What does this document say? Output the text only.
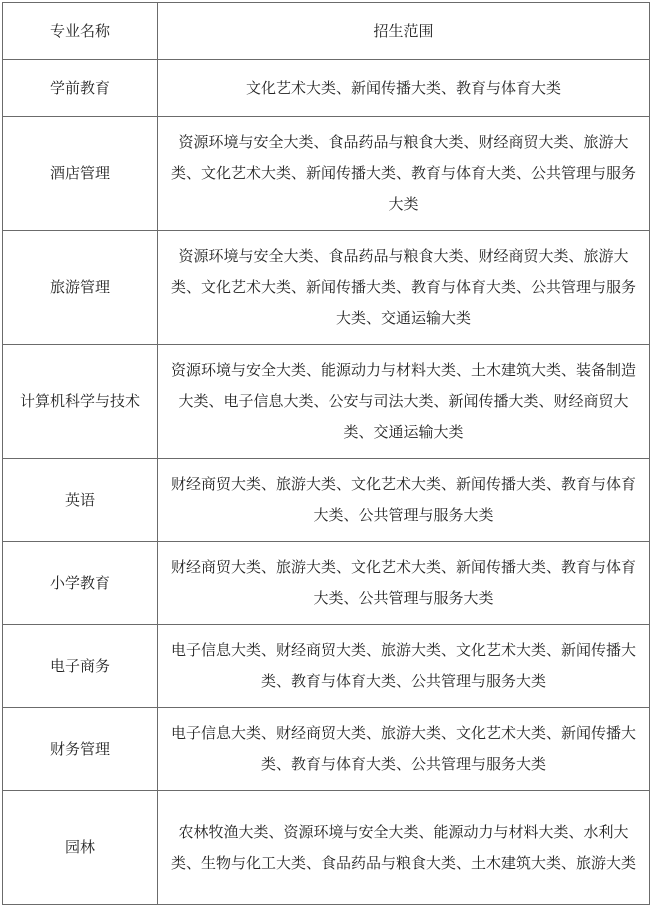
专业名称	招生范围
学前教育	文化艺术大类、新闻传播大类、教育与体育大类
酒店管理	资源环境与安全大类、食品药品与粮食大类、财经商贸大类、旅游大类、文化艺术大类、新闻传播大类、教育与体育大类、公共管理与服务大类
旅游管理	资源环境与安全大类、食品药品与粮食大类、财经商贸大类、旅游大类、文化艺术大类、新闻传播大类、教育与体育大类、公共管理与服务大类、交通运输大类
计算机科学与技术	资源环境与安全大类、能源动力与材料大类、土木建筑大类、装备制造大类、电子信息大类、公安与司法大类、新闻传播大类、财经商贸大类、交通运输大类
英语	财经商贸大类、旅游大类、文化艺术大类、新闻传播大类、教育与体育大类、公共管理与服务大类
小学教育	财经商贸大类、旅游大类、文化艺术大类、新闻传播大类、教育与体育大类、公共管理与服务大类
电子商务	电子信息大类、财经商贸大类、旅游大类、文化艺术大类、新闻传播大类、教育与体育大类、公共管理与服务大类
财务管理	电子信息大类、财经商贸大类、旅游大类、文化艺术大类、新闻传播大类、教育与体育大类、公共管理与服务大类
园林	农林牧渔大类、资源环境与安全大类、能源动力与材料大类、水利大类、生物与化工大类、食品药品与粮食大类、土木建筑大类、旅游大类
